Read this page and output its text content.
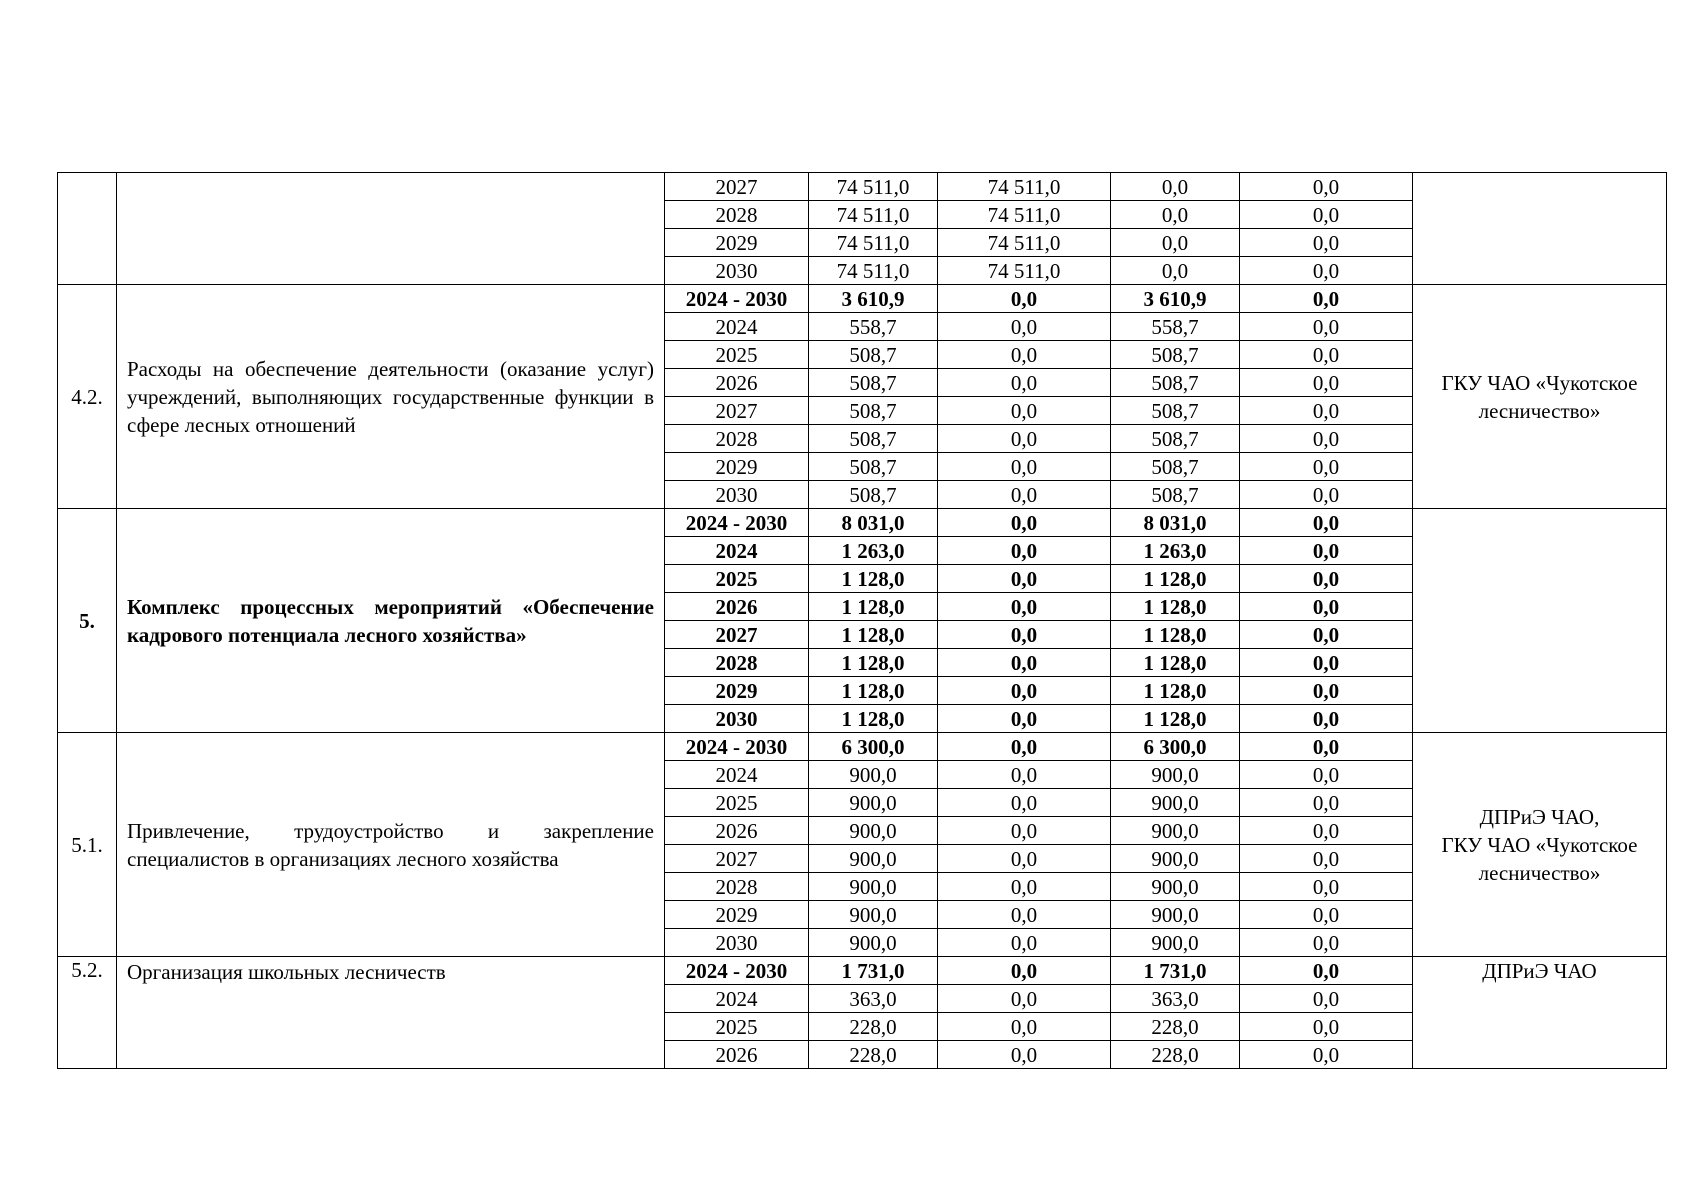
		2027	74 511,0	74 511,0	0,0	0,0	
		2028	74 511,0	74 511,0	0,0	0,0	
		2029	74 511,0	74 511,0	0,0	0,0	
		2030	74 511,0	74 511,0	0,0	0,0	
4.2.	Расходы на обеспечение деятельности (оказание услуг) учреждений, выполняющих государственные функции в сфере лесных отношений	2024 - 2030	3 610,9	0,0	3 610,9	0,0	ГКУ ЧАО «Чукотское лесничество»
		2024	558,7	0,0	558,7	0,0	
		2025	508,7	0,0	508,7	0,0	
		2026	508,7	0,0	508,7	0,0	
		2027	508,7	0,0	508,7	0,0	
		2028	508,7	0,0	508,7	0,0	
		2029	508,7	0,0	508,7	0,0	
		2030	508,7	0,0	508,7	0,0	
5.	Комплекс процессных мероприятий «Обеспечение кадрового потенциала лесного хозяйства»	2024 - 2030	8 031,0	0,0	8 031,0	0,0	
		2024	1 263,0	0,0	1 263,0	0,0	
		2025	1 128,0	0,0	1 128,0	0,0	
		2026	1 128,0	0,0	1 128,0	0,0	
		2027	1 128,0	0,0	1 128,0	0,0	
		2028	1 128,0	0,0	1 128,0	0,0	
		2029	1 128,0	0,0	1 128,0	0,0	
		2030	1 128,0	0,0	1 128,0	0,0	
5.1.	Привлечение, трудоустройство и закрепление специалистов в организациях лесного хозяйства	2024 - 2030	6 300,0	0,0	6 300,0	0,0	ДПРиЭ ЧАО,
ГКУ ЧАО «Чукотское лесничество»
		2024	900,0	0,0	900,0	0,0	
		2025	900,0	0,0	900,0	0,0	
		2026	900,0	0,0	900,0	0,0	
		2027	900,0	0,0	900,0	0,0	
		2028	900,0	0,0	900,0	0,0	
		2029	900,0	0,0	900,0	0,0	
		2030	900,0	0,0	900,0	0,0	
5.2.	Организация школьных лесничеств	2024 - 2030	1 731,0	0,0	1 731,0	0,0	ДПРиЭ ЧАО
		2024	363,0	0,0	363,0	0,0	
		2025	228,0	0,0	228,0	0,0	
		2026	228,0	0,0	228,0	0,0	
